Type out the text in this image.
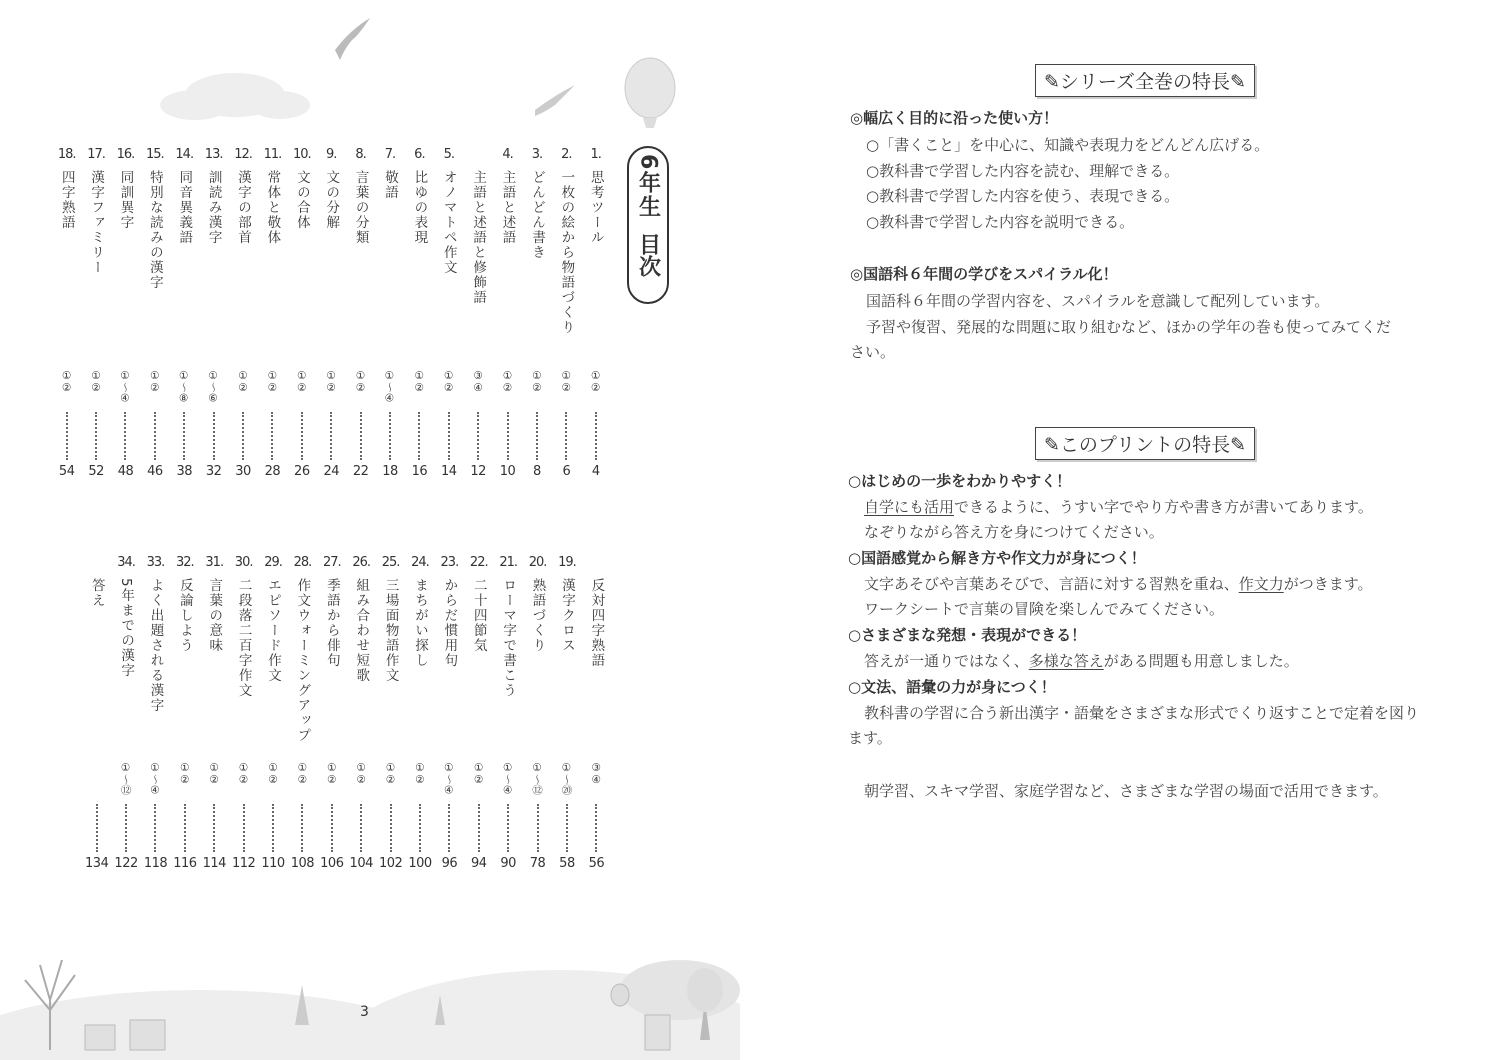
6年生
目次
1.
思考ツール
①②
4
2.
一枚の絵から物語づくり
①②
6
3.
どんどん書き
①②
8
4.
主語と述語
①②
10
主語と述語と修飾語
③④
12
5.
オノマトペ作文
①②
14
6.
比ゆの表現
①②
16
7.
敬語
①〜④
18
8.
言葉の分類
①②
22
9.
文の分解
①②
24
10.
文の合体
①②
26
11.
常体と敬体
①②
28
12.
漢字の部首
①②
30
13.
訓読み漢字
①〜⑥
32
14.
同音異義語
①〜⑧
38
15.
特別な読みの漢字
①②
46
16.
同訓異字
①〜④
48
17.
漢字ファミリー
①②
52
18.
四字熟語
①②
54
反対四字熟語
③④
56
19.
漢字クロス
①〜⑳
58
20.
熟語づくり
①〜⑫
78
21.
ローマ字で書こう
①〜④
90
22.
二十四節気
①②
94
23.
からだ慣用句
①〜④
96
24.
まちがい探し
①②
100
25.
三場面物語作文
①②
102
26.
組み合わせ短歌
①②
104
27.
季語から俳句
①②
106
28.
作文ウォーミングアップ
①②
108
29.
エピソード作文
①②
110
30.
二段落二百字作文
①②
112
31.
言葉の意味
①②
114
32.
反論しよう
①②
116
33.
よく出題される漢字
①〜④
118
34.
5年までの漢字
①〜⑫
122
答え
134
3
✎シリーズ全巻の特長✎
◎幅広く目的に沿った使い方！
○「書くこと」を中心に、知識や表現力をどんどん広げる。
○教科書で学習した内容を読む、理解できる。
○教科書で学習した内容を使う、表現できる。
○教科書で学習した内容を説明できる。
◎国語科６年間の学びをスパイラル化！
国語科６年間の学習内容を、スパイラルを意識して配列しています。
予習や復習、発展的な問題に取り組むなど、ほかの学年の巻も使ってみてくだ
さい。
✎このプリントの特長✎
○はじめの一歩をわかりやすく！
自学にも活用できるように、うすい字でやり方や書き方が書いてあります。
なぞりながら答え方を身につけてください。
○国語感覚から解き方や作文力が身につく！
文字あそびや言葉あそびで、言語に対する習熟を重ね、作文力がつきます。
ワークシートで言葉の冒険を楽しんでみてください。
○さまざまな発想・表現ができる！
答えが一通りではなく、多様な答えがある問題も用意しました。
○文法、語彙の力が身につく！
教科書の学習に合う新出漢字・語彙をさまざまな形式でくり返すことで定着を図り
ます。
朝学習、スキマ学習、家庭学習など、さまざまな学習の場面で活用できます。
